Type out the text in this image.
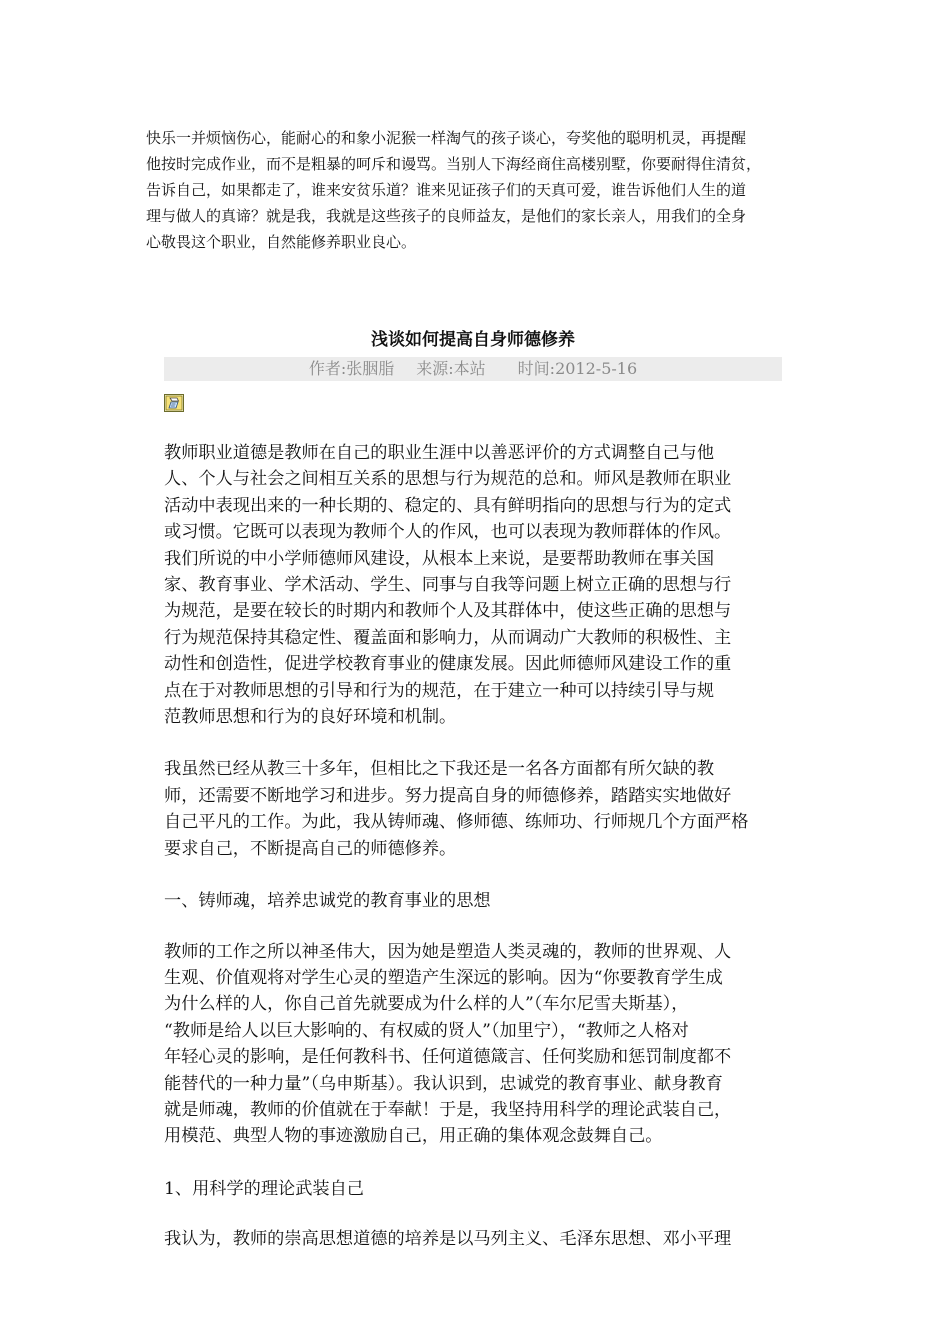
快乐一并烦恼伤心，能耐心的和象小泥猴一样淘气的孩子谈心，夸奖他的聪明机灵，再提醒
他按时完成作业，而不是粗暴的呵斥和谩骂。当别人下海经商住高楼别墅，你要耐得住清贫，
告诉自己，如果都走了，谁来安贫乐道？谁来见证孩子们的天真可爱，谁告诉他们人生的道
理与做人的真谛？就是我，我就是这些孩子的良师益友，是他们的家长亲人，用我们的全身
心敬畏这个职业，自然能修养职业良心。
浅谈如何提高自身师德修养
作者:张胭脂 来源:本站 时间:2012-5-16

教师职业道德是教师在自己的职业生涯中以善恶评价的方式调整自己与他
人、个人与社会之间相互关系的思想与行为规范的总和。师风是教师在职业
活动中表现出来的一种长期的、稳定的、具有鲜明指向的思想与行为的定式
或习惯。它既可以表现为教师个人的作风，也可以表现为教师群体的作风。
我们所说的中小学师德师风建设，从根本上来说，是要帮助教师在事关国
家、教育事业、学术活动、学生、同事与自我等问题上树立正确的思想与行
为规范，是要在较长的时期内和教师个人及其群体中，使这些正确的思想与
行为规范保持其稳定性、覆盖面和影响力，从而调动广大教师的积极性、主
动性和创造性，促进学校教育事业的健康发展。因此师德师风建设工作的重
点在于对教师思想的引导和行为的规范，在于建立一种可以持续引导与规
范教师思想和行为的良好环境和机制。

我虽然已经从教三十多年，但相比之下我还是一名各方面都有所欠缺的教
师，还需要不断地学习和进步。努力提高自身的师德修养，踏踏实实地做好
自己平凡的工作。为此，我从铸师魂、修师德、练师功、行师规几个方面严格
要求自己，不断提高自己的师德修养。

一、铸师魂，培养忠诚党的教育事业的思想

教师的工作之所以神圣伟大，因为她是塑造人类灵魂的，教师的世界观、人
生观、价值观将对学生心灵的塑造产生深远的影响。因为“你要教育学生成
为什么样的人，你自己首先就要成为什么样的人”（车尔尼雪夫斯基），
“教师是给人以巨大影响的、有权威的贤人”（加里宁），“教师之人格对
年轻心灵的影响，是任何教科书、任何道德箴言、任何奖励和惩罚制度都不
能替代的一种力量”（乌申斯基）。我认识到，忠诚党的教育事业、献身教育
就是师魂，教师的价值就在于奉献！于是，我坚持用科学的理论武装自己，
用模范、典型人物的事迹激励自己，用正确的集体观念鼓舞自己。

1、用科学的理论武装自己

我认为，教师的崇高思想道德的培养是以马列主义、毛泽东思想、邓小平理
